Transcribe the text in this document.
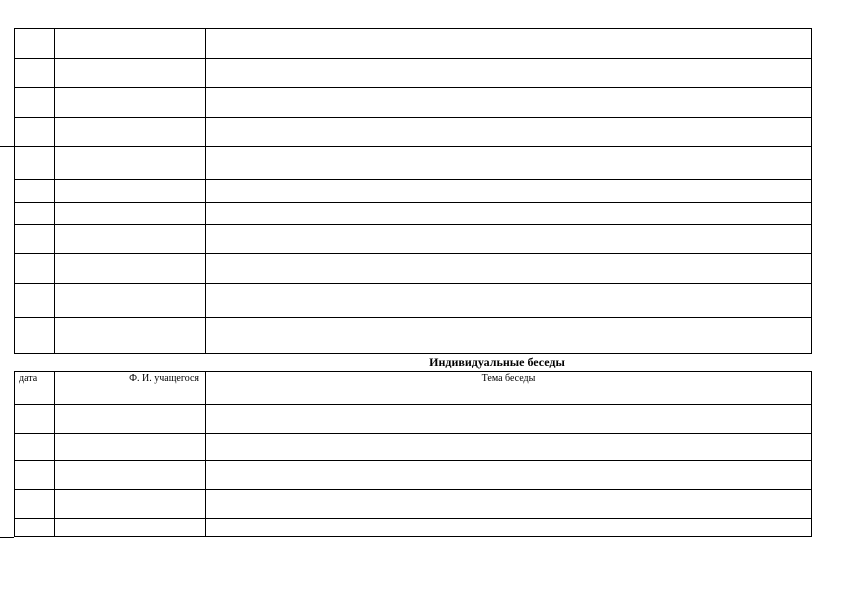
Индивидуальные беседы
дата	Ф. И. учащегося	Тема беседы
